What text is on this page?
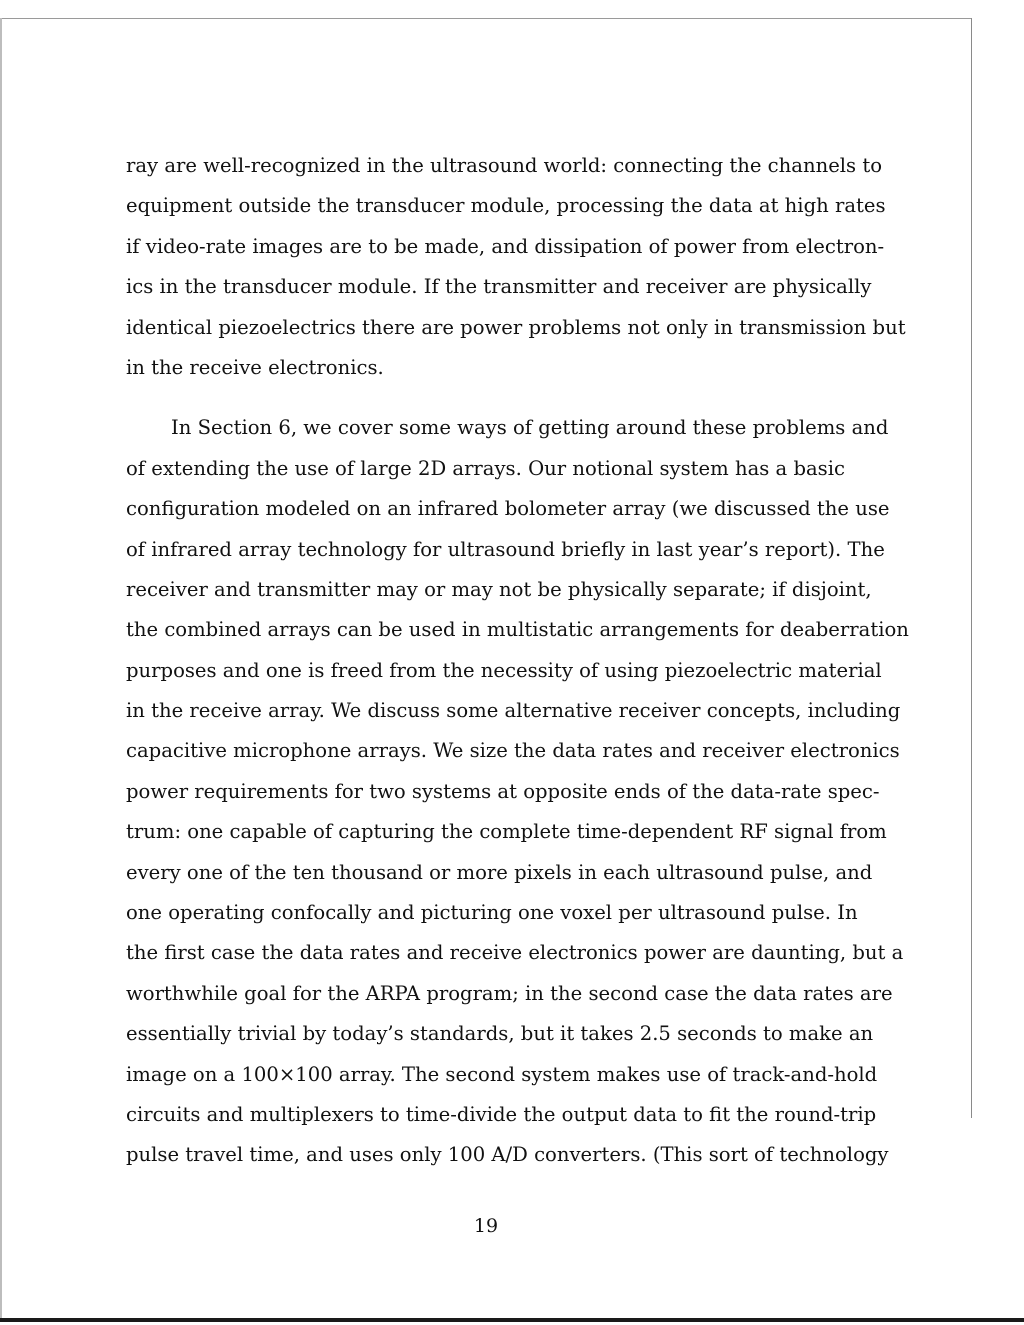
ray are well-recognized in the ultrasound world: connecting the channels to
equipment outside the transducer module, processing the data at high rates
if video-rate images are to be made, and dissipation of power from electron-
ics in the transducer module. If the transmitter and receiver are physically
identical piezoelectrics there are power problems not only in transmission but
in the receive electronics.
In Section 6, we cover some ways of getting around these problems and
of extending the use of large 2D arrays. Our notional system has a basic
configuration modeled on an infrared bolometer array (we discussed the use
of infrared array technology for ultrasound briefly in last year’s report). The
receiver and transmitter may or may not be physically separate; if disjoint,
the combined arrays can be used in multistatic arrangements for deaberration
purposes and one is freed from the necessity of using piezoelectric material
in the receive array. We discuss some alternative receiver concepts, including
capacitive microphone arrays. We size the data rates and receiver electronics
power requirements for two systems at opposite ends of the data-rate spec-
trum: one capable of capturing the complete time-dependent RF signal from
every one of the ten thousand or more pixels in each ultrasound pulse, and
one operating confocally and picturing one voxel per ultrasound pulse. In
the first case the data rates and receive electronics power are daunting, but a
worthwhile goal for the ARPA program; in the second case the data rates are
essentially trivial by today’s standards, but it takes 2.5 seconds to make an
image on a 100×100 array. The second system makes use of track-and-hold
circuits and multiplexers to time-divide the output data to fit the round-trip
pulse travel time, and uses only 100 A/D converters. (This sort of technology
19
